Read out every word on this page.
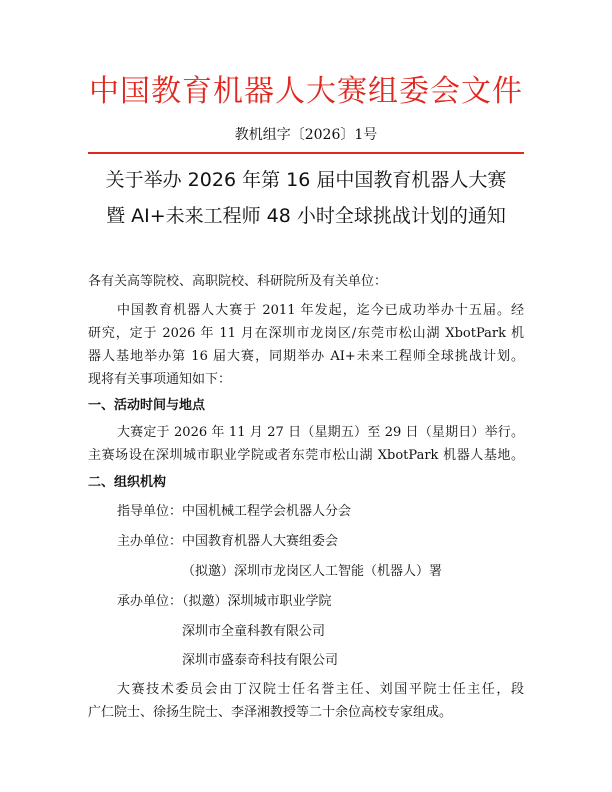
中国教育机器人大赛组委会文件
教机组字〔2026〕1号
关于举办 2026 年第 16 届中国教育机器人大赛
暨 AI+未来工程师 48 小时全球挑战计划的通知
各有关高等院校、高职院校、科研院所及有关单位：
中国教育机器人大赛于 2011 年发起，迄今已成功举办十五届。经
研究，定于 2026 年 11 月在深圳市龙岗区/东莞市松山湖 XbotPark 机
器人基地举办第 16 届大赛，同期举办 AI+未来工程师全球挑战计划。
现将有关事项通知如下：
一、活动时间与地点
大赛定于 2026 年 11 月 27 日（星期五）至 29 日（星期日）举行。
主赛场设在深圳城市职业学院或者东莞市松山湖 XbotPark 机器人基地。
二、组织机构
指导单位：中国机械工程学会机器人分会
主办单位：中国教育机器人大赛组委会
（拟邀）深圳市龙岗区人工智能（机器人）署
承办单位：（拟邀）深圳城市职业学院
深圳市全童科教有限公司
深圳市盛泰奇科技有限公司
大赛技术委员会由丁汉院士任名誉主任、刘国平院士任主任，段
广仁院士、徐扬生院士、李泽湘教授等二十余位高校专家组成。
